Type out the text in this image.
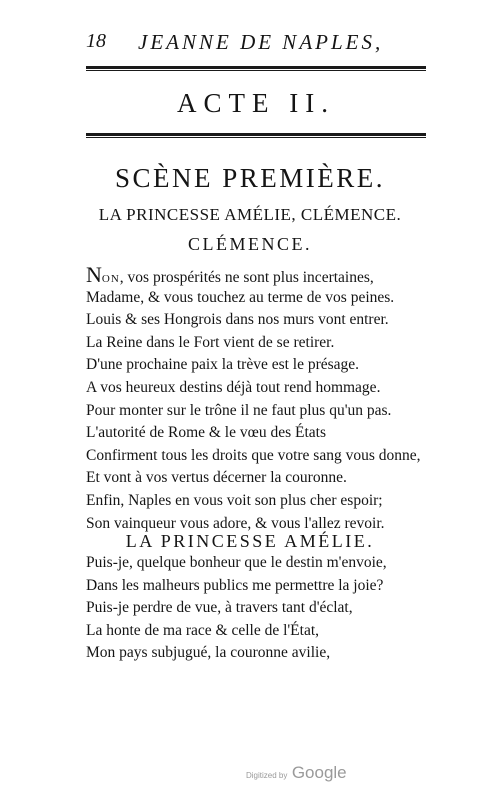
18 JEANNE DE NAPLES,
ACTE II.
SCÈNE PREMIÈRE.
LA PRINCESSE AMÉLIE, CLÉMENCE.
CLÉMENCE.
NON, vos prospérités ne sont plus incertaines,
Madame, & vous touchez au terme de vos peines.
Louis & ses Hongrois dans nos murs vont entrer.
La Reine dans le Fort vient de se retirer.
D'une prochaine paix la trève est le présage.
A vos heureux destins déjà tout rend hommage.
Pour monter sur le trône il ne faut plus qu'un pas.
L'autorité de Rome & le vœu des États
Confirment tous les droits que votre sang vous donne,
Et vont à vos vertus décerner la couronne.
Enfin, Naples en vous voit son plus cher espoir;
Son vainqueur vous adore, & vous l'allez revoir.
LA PRINCESSE AMÉLIE.
Puis-je, quelque bonheur que le destin m'envoie,
Dans les malheurs publics me permettre la joie?
Puis-je perdre de vue, à travers tant d'éclat,
La honte de ma race & celle de l'État,
Mon pays subjugué, la couronne avilie,
Digitized by Google
